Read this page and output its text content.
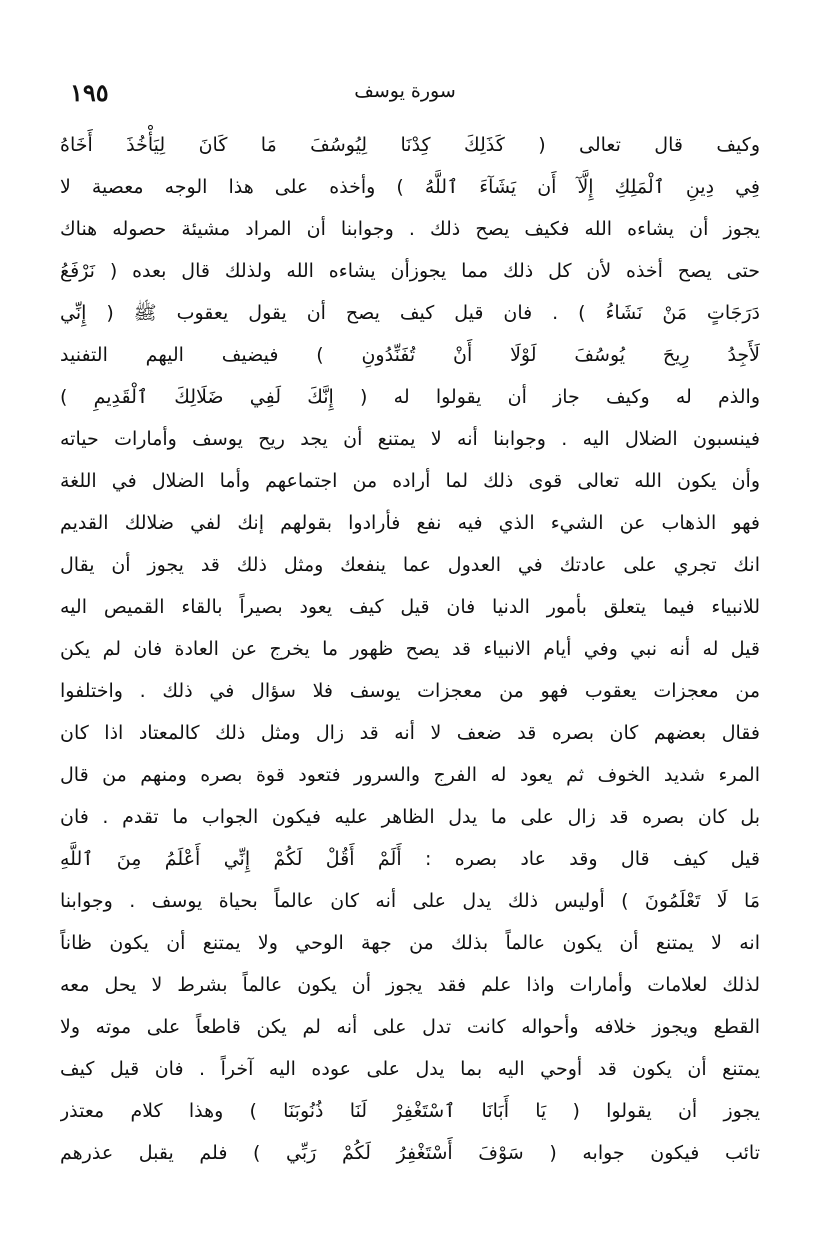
١٩٥	سورة يوسف
وكيف قال تعالى ( كَذَلِكَ كِدْنَا لِيُوسُفَ مَا كَانَ لِيَأْخُذَ أَخَاهُ
فِي دِينِ ٱلْمَلِكِ إِلَّآ أَن يَشَآءَ ٱللَّهُ ) وأخذه على هذا الوجه معصية لا
يجوز أن يشاءه الله فكيف يصح ذلك . وجوابنا أن المراد مشيئة حصوله هناك
حتى يصح أخذه لأن كل ذلك مما يجوزأن يشاءه الله ولذلك قال بعده ( نَرْفَعُ
دَرَجَاتٍ مَنْ نَشَاءُ ) . فان قيل كيف يصح أن يقول يعقوب ﷺ ( إِنِّي
لَأَجِدُ رِيحَ يُوسُفَ لَوْلَا أَنْ تُفَنِّدُونِ ) فيضيف اليهم التفنيد
والذم له وكيف جاز أن يقولوا له ( إِنَّكَ لَفِي ضَلَالِكَ ٱلْقَدِيمِ )
فينسبون الضلال اليه . وجوابنا أنه لا يمتنع أن يجد ريح يوسف وأمارات حياته
وأن يكون الله تعالى قوى ذلك لما أراده من اجتماعهم وأما الضلال في اللغة
فهو الذهاب عن الشيء الذي فيه نفع فأرادوا بقولهم إنك لفي ضلالك القديم
انك تجري على عادتك في العدول عما ينفعك ومثل ذلك قد يجوز أن يقال
للانبياء فيما يتعلق بأمور الدنيا فان قيل كيف يعود بصيراً بالقاء القميص اليه
قيل له أنه نبي وفي أيام الانبياء قد يصح ظهور ما يخرج عن العادة فان لم يكن
من معجزات يعقوب فهو من معجزات يوسف فلا سؤال في ذلك . واختلفوا
فقال بعضهم كان بصره قد ضعف لا أنه قد زال ومثل ذلك كالمعتاد اذا كان
المرء شديد الخوف ثم يعود له الفرج والسرور فتعود قوة بصره ومنهم من قال
بل كان بصره قد زال على ما يدل الظاهر عليه فيكون الجواب ما تقدم . فان
قيل كيف قال وقد عاد بصره : أَلَمْ أَقُلْ لَكُمْ إِنِّي أَعْلَمُ مِنَ ٱللَّهِ
مَا لَا تَعْلَمُونَ ) أوليس ذلك يدل على أنه كان عالماً بحياة يوسف . وجوابنا
انه لا يمتنع أن يكون عالماً بذلك من جهة الوحي ولا يمتنع أن يكون ظاناً
لذلك لعلامات وأمارات واذا علم فقد يجوز أن يكون عالماً بشرط لا يحل معه
القطع ويجوز خلافه وأحواله كانت تدل على أنه لم يكن قاطعاً على موته ولا
يمتنع أن يكون قد أوحي اليه بما يدل على عوده اليه آخراً . فان قيل كيف
يجوز أن يقولوا ( يَا أَبَانَا ٱسْتَغْفِرْ لَنَا ذُنُوبَنَا ) وهذا كلام معتذر
تائب فيكون جوابه ( سَوْفَ أَسْتَغْفِرُ لَكُمْ رَبِّي ) فلم يقبل عذرهم
